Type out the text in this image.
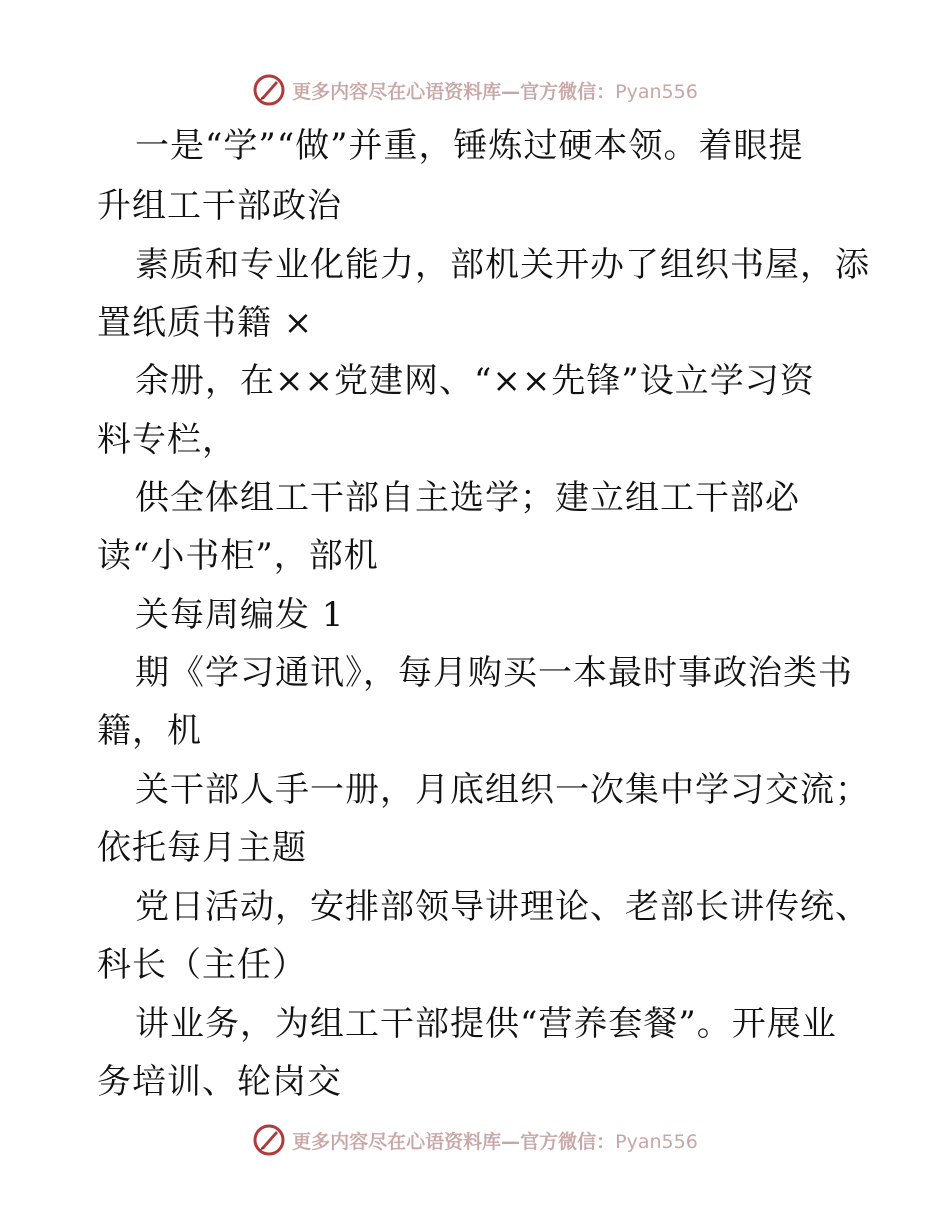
更多内容尽在心语资料库—官方微信：Pyan556
一是“学”“做”并重，锤炼过硬本领。着眼提
升组工干部政治
素质和专业化能力，部机关开办了组织书屋，添
置纸质书籍 ×
余册，在××党建网、“××先锋”设立学习资
料专栏，
供全体组工干部自主选学；建立组工干部必
读“小书柜”，部机
关每周编发 1
期《学习通讯》，每月购买一本最时事政治类书
籍，机
关干部人手一册，月底组织一次集中学习交流；
依托每月主题
党日活动，安排部领导讲理论、老部长讲传统、
科长（主任）
讲业务，为组工干部提供“营养套餐”。开展业
务培训、轮岗交
更多内容尽在心语资料库—官方微信：Pyan556
